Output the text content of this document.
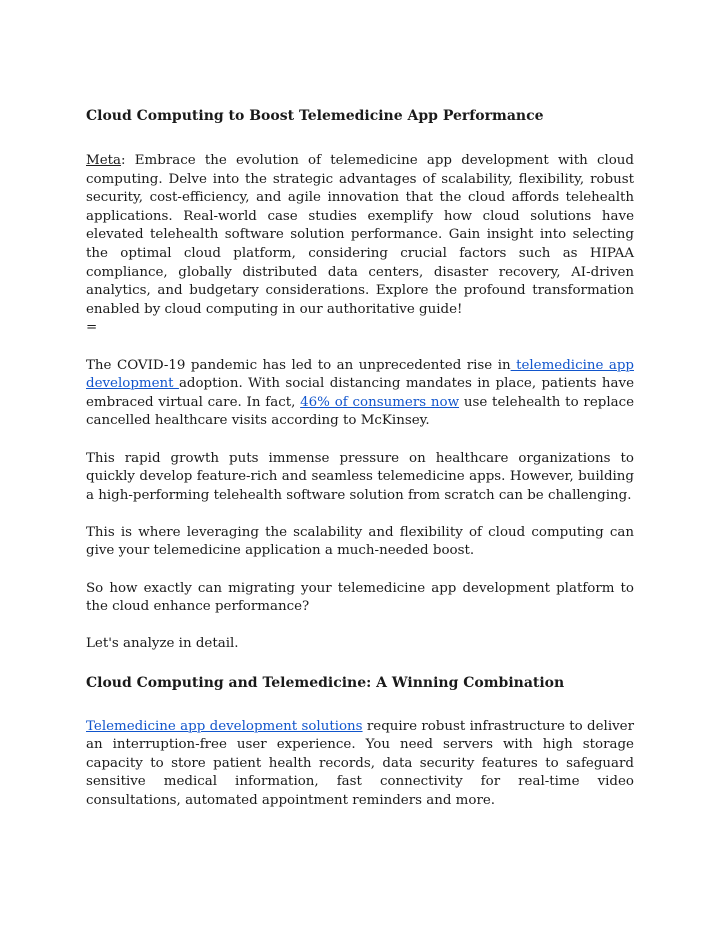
Cloud Computing to Boost Telemedicine App Performance

Meta: Embrace the evolution of telemedicine app development with cloud computing. Delve into the strategic advantages of scalability, flexibility, robust security, cost-efficiency, and agile innovation that the cloud affords telehealth applications. Real-world case studies exemplify how cloud solutions have elevated telehealth software solution performance. Gain insight into selecting the optimal cloud platform, considering crucial factors such as HIPAA compliance, globally distributed data centers, disaster recovery, AI-driven analytics, and budgetary considerations. Explore the profound transformation enabled by cloud computing in our authoritative guide!

=

The COVID-19 pandemic has led to an unprecedented rise in telemedicine app development adoption. With social distancing mandates in place, patients have embraced virtual care. In fact, 46% of consumers now use telehealth to replace cancelled healthcare visits according to McKinsey.

This rapid growth puts immense pressure on healthcare organizations to quickly develop feature-rich and seamless telemedicine apps. However, building a high-performing telehealth software solution from scratch can be challenging.

This is where leveraging the scalability and flexibility of cloud computing can give your telemedicine application a much-needed boost.

So how exactly can migrating your telemedicine app development platform to the cloud enhance performance?

Let's analyze in detail.

Cloud Computing and Telemedicine: A Winning Combination

Telemedicine app development solutions require robust infrastructure to deliver an interruption-free user experience. You need servers with high storage capacity to store patient health records, data security features to safeguard sensitive medical information, fast connectivity for real-time video consultations, automated appointment reminders and more.
